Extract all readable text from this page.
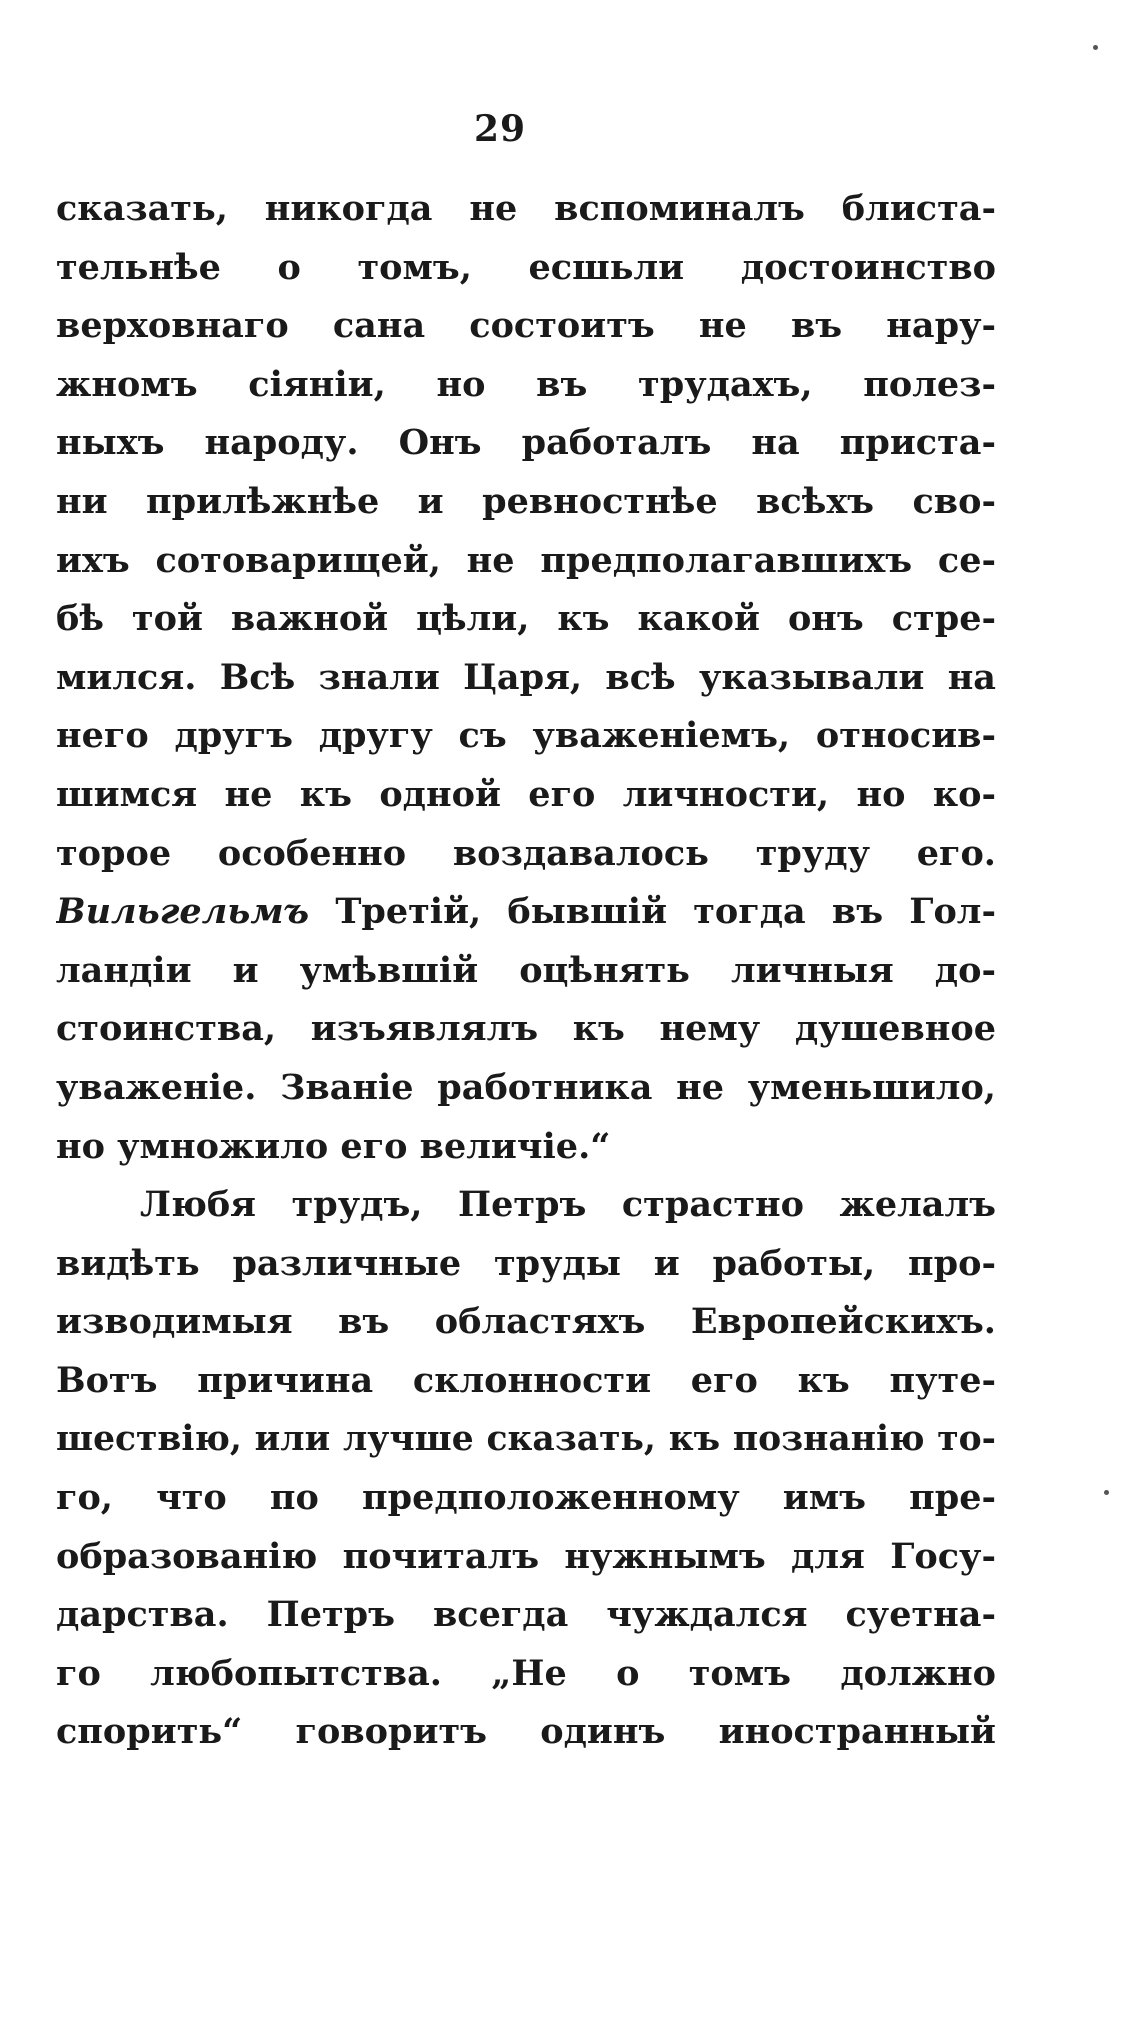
29
сказать, никогда не вспоминалъ блиста-
тельнѣе о томъ, есшьли достоинство
верховнаго сана состоитъ не въ нару-
жномъ сіяніи, но въ трудахъ, полез-
ныхъ народу. Онъ работалъ на приста-
ни прилѣжнѣе и ревностнѣе всѣхъ сво-
ихъ сотоварищей, не предполагавшихъ се-
бѣ той важной цѣли, къ какой онъ стре-
мился. Всѣ знали Царя, всѣ указывали на
него другъ другу съ уваженіемъ, относив-
шимся не къ одной его личности, но ко-
торое особенно воздавалось труду его.
Вильгельмъ Третій, бывшій тогда въ Гол-
ландіи и умѣвшій оцѣнять личныя до-
стоинства, изъявлялъ къ нему душевное
уваженіе. Званіе работника не уменьшило,
но умножило его величіе.“
Любя трудъ, Петръ страстно желалъ
видѣть различные труды и работы, про-
изводимыя въ областяхъ Европейскихъ.
Вотъ причина склонности его къ путе-
шествію, или лучше сказать, къ познанію то-
го, что по предположенному имъ пре-
образованію почиталъ нужнымъ для Госу-
дарства. Петръ всегда чуждался суетна-
го любопытства. „Не о томъ должно
спорить“ говоритъ одинъ иностранный
